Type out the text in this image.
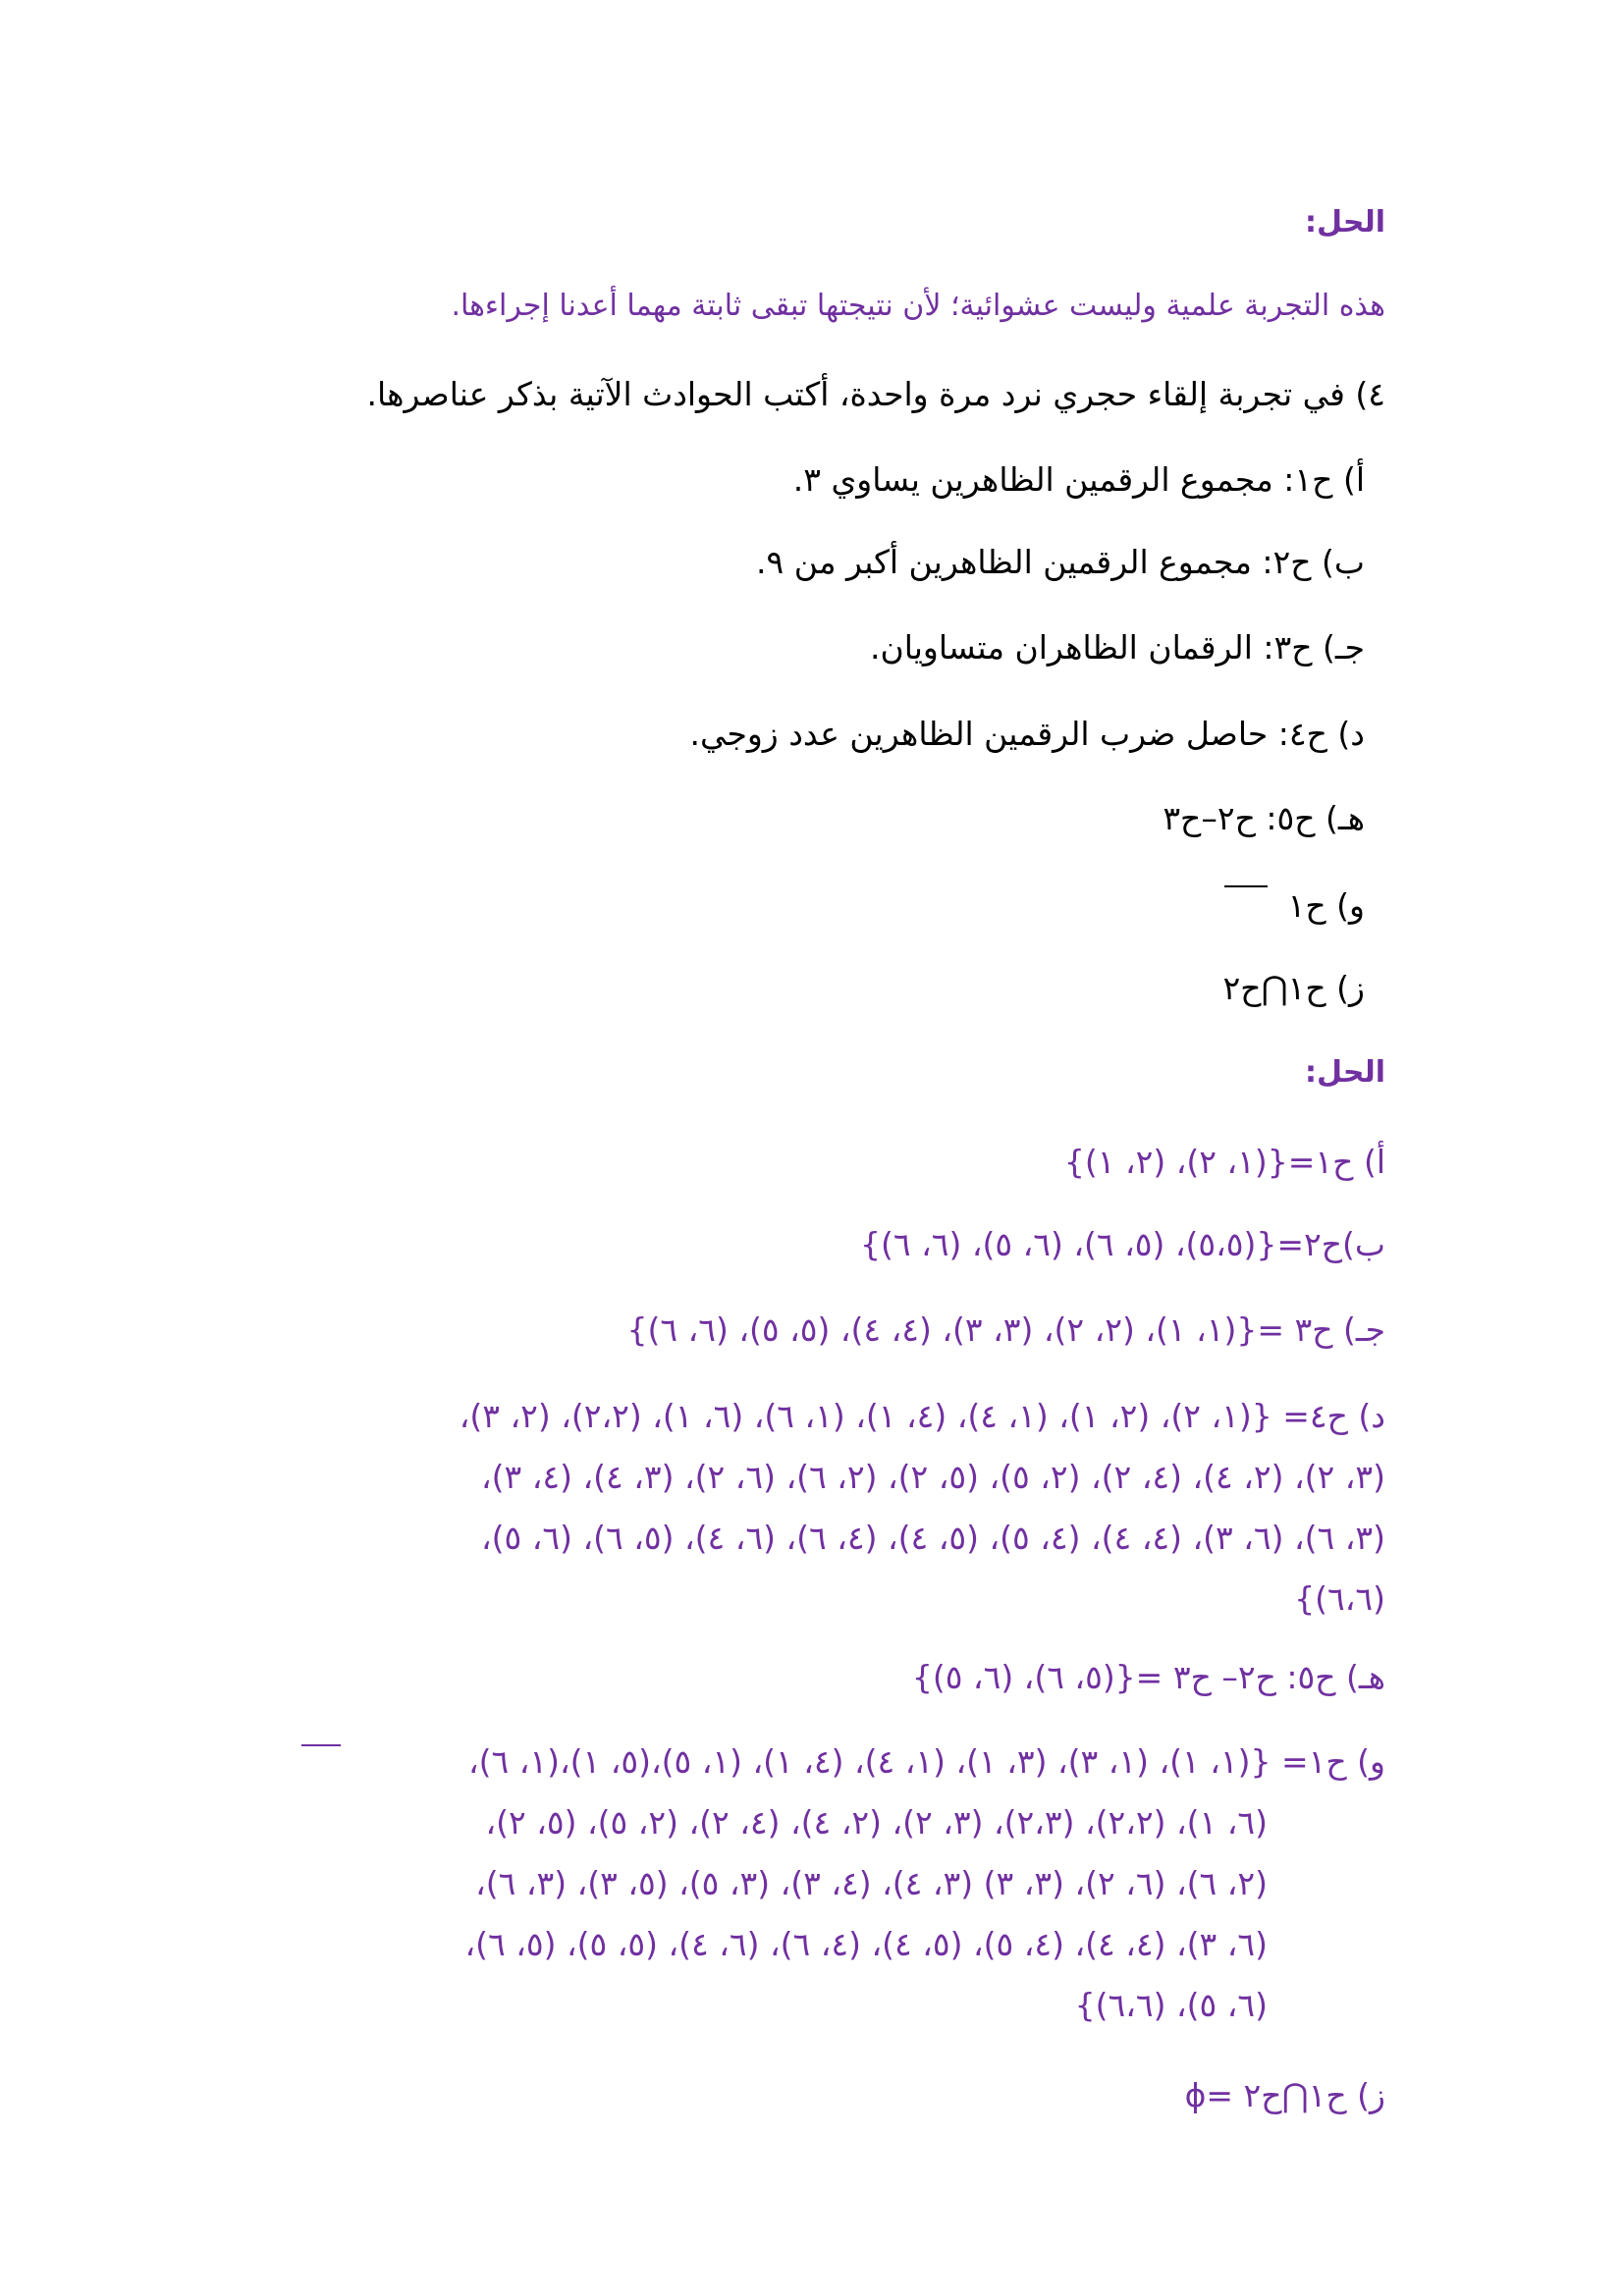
الحل:
هذه التجربة علمية وليست عشوائية؛ لأن نتيجتها تبقى ثابتة مهما أعدنا إجراءها.
٤) في تجربة إلقاء حجري نرد مرة واحدة، أكتب الحوادث الآتية بذكر عناصرها.
أ) ح١: مجموع الرقمين الظاهرين يساوي ٣.
ب) ح٢: مجموع الرقمين الظاهرين أكبر من ٩.
جـ) ح٣: الرقمان الظاهران متساويان.
د) ح٤: حاصل ضرب الرقمين الظاهرين عدد زوجي.
هـ) ح٥: ح٢–ح٣
و) ح١
ز) ح١⋂ح٢
الحل:
أ) ح١={(١، ٢)، (٢، ١)}
ب)ح٢={(٥،٥)، (٥، ٦)، (٦، ٥)، (٦، ٦)}
جـ) ح٣ ={(١، ١)، (٢، ٢)، (٣، ٣)، (٤، ٤)، (٥، ٥)، (٦، ٦)}
د) ح٤= {(١، ٢)، (٢، ١)، (١، ٤)، (٤، ١)، (١، ٦)، (٦، ١)، (٢،٢)، (٢، ٣)،
(٣، ٢)، (٢، ٤)، (٤، ٢)، (٢، ٥)، (٥، ٢)، (٢، ٦)، (٦، ٢)، (٣، ٤)، (٤، ٣)،
(٣، ٦)، (٦، ٣)، (٤، ٤)، (٤، ٥)، (٥، ٤)، (٤، ٦)، (٦، ٤)، (٥، ٦)، (٦، ٥)،
(٦،٦)}
هـ) ح٥: ح٢– ح٣ ={(٥، ٦)، (٦، ٥)}
و) ح١= {(١، ١)، (١، ٣)، (٣، ١)، (١، ٤)، (٤، ١)، (١، ٥)،(٥، ١)،(١، ٦)،
(٦، ١)، (٢،٢)، (٢،٣)، (٣، ٢)، (٢، ٤)، (٤، ٢)، (٢، ٥)، (٥، ٢)،
(٢، ٦)، (٦، ٢)، (٣، ٣) (٣، ٤)، (٤، ٣)، (٣، ٥)، (٥، ٣)، (٣، ٦)،
(٦، ٣)، (٤، ٤)، (٤، ٥)، (٥، ٤)، (٤، ٦)، (٦، ٤)، (٥، ٥)، (٥، ٦)،
(٦، ٥)، (٦،٦)}
ز) ح١⋂ح٢ =ϕ
